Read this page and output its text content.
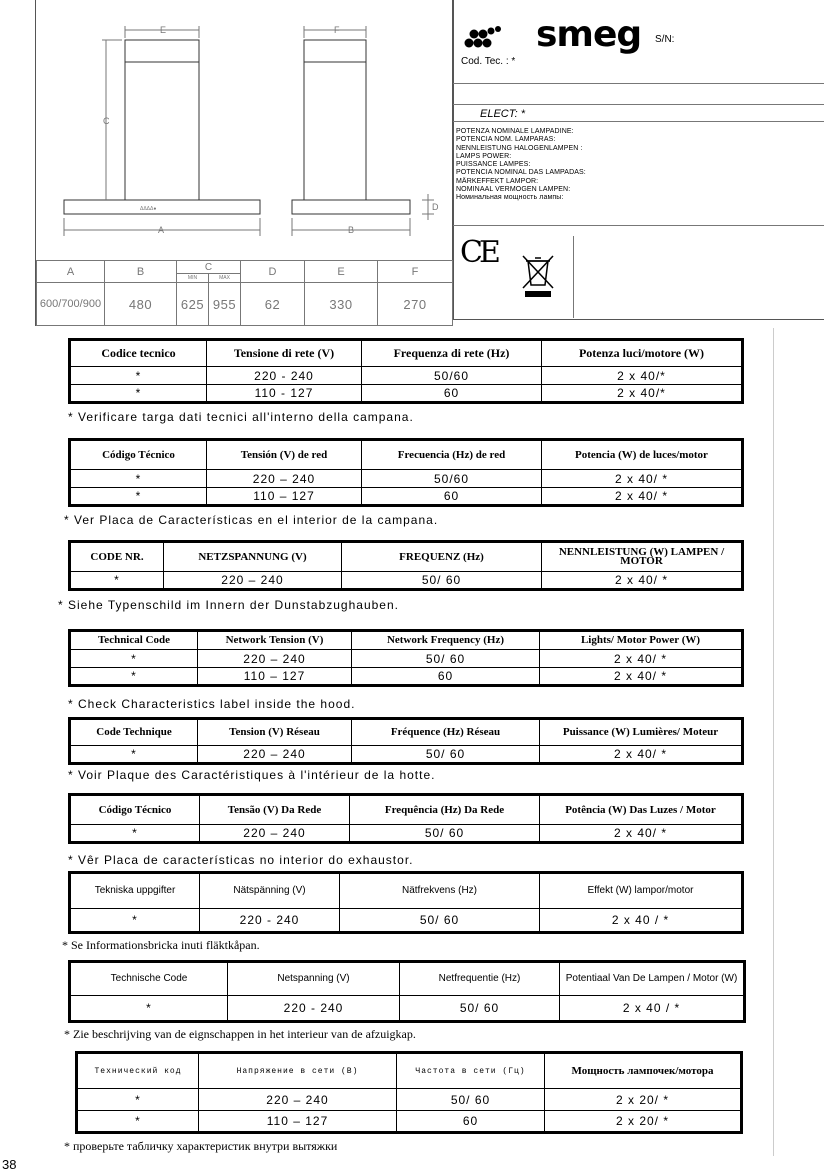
E	F
C
A	B
D
ΔΔΔΔ●
A	B	C		D	E	F
		MIN	MAX			
600/700/900	480	625	955	62	330	270
smeg S/N:
Cod. Tec. : *
ELECT: *
POTENZA NOMINALE LAMPADINE:
POTENCIA NOM. LAMPARAS:
NENNLEISTUNG HALOGENLAMPEN :
LAMPS POWER:
PUISSANCE LAMPES:
POTENCIA NOMINAL DAS LAMPADAS:
MÄRKEFFEKT LAMPOR:
NOMINAAL VERMOGEN LAMPEN:
Номинальная мощность лампы:
CE
Codice tecnico	Tensione di rete (V)	Frequenza di rete (Hz)	Potenza luci/motore (W)
*	220 - 240	50/60	2 x 40/*
*	110 - 127	60	2 x 40/*
* Verificare targa dati tecnici all'interno della campana.
Código Técnico	Tensión (V) de red	Frecuencia (Hz) de red	Potencia (W) de luces/motor
*	220 – 240	50/60	2 x 40/ *
*	110 – 127	60	2 x 40/ *
* Ver Placa de Características en el interior de la campana.
CODE NR.	NETZSPANNUNG (V)	FREQUENZ (Hz)	NENNLEISTUNG (W) LAMPEN / MOTOR
*	220 – 240	50/ 60	2 x 40/ *
* Siehe Typenschild im Innern der Dunstabzughauben.
Technical Code	Network Tension (V)	Network Frequency (Hz)	Lights/ Motor Power (W)
*	220 – 240	50/ 60	2 x 40/ *
*	110 – 127	60	2 x 40/ *
* Check Characteristics label inside the hood.
Code Technique	Tension (V) Réseau	Fréquence (Hz) Réseau	Puissance (W) Lumières/ Moteur
*	220 – 240	50/ 60	2 x 40/ *
* Voir Plaque des Caractéristiques à l'intérieur de la hotte.
Código Técnico	Tensão (V) Da Rede	Frequência (Hz) Da Rede	Potência (W) Das Luzes / Motor
*	220 – 240	50/ 60	2 x 40/ *
* Vêr Placa de características no interior do exhaustor.
Tekniska uppgifter	Nätspänning (V)	Nätfrekvens (Hz)	Effekt (W) lampor/motor
*	220 - 240	50/ 60	2 x 40 / *
* Se Informationsbricka inuti fläktkåpan.
Technische Code	Netspanning (V)	Netfrequentie (Hz)	Potentiaal Van De Lampen / Motor (W)
*	220 - 240	50/ 60	2 x 40 / *
* Zie beschrijving van de eignschappen in het interieur van de afzuigkap.
Технический код	Напряжение в сети (В)	Частота в сети (Гц)	Мощность лампочек/мотора
*	220 – 240	50/ 60	2 x 20/ *
*	110 – 127	60	2 x 20/ *
* проверьте табличку характеристик внутри вытяжки
38
